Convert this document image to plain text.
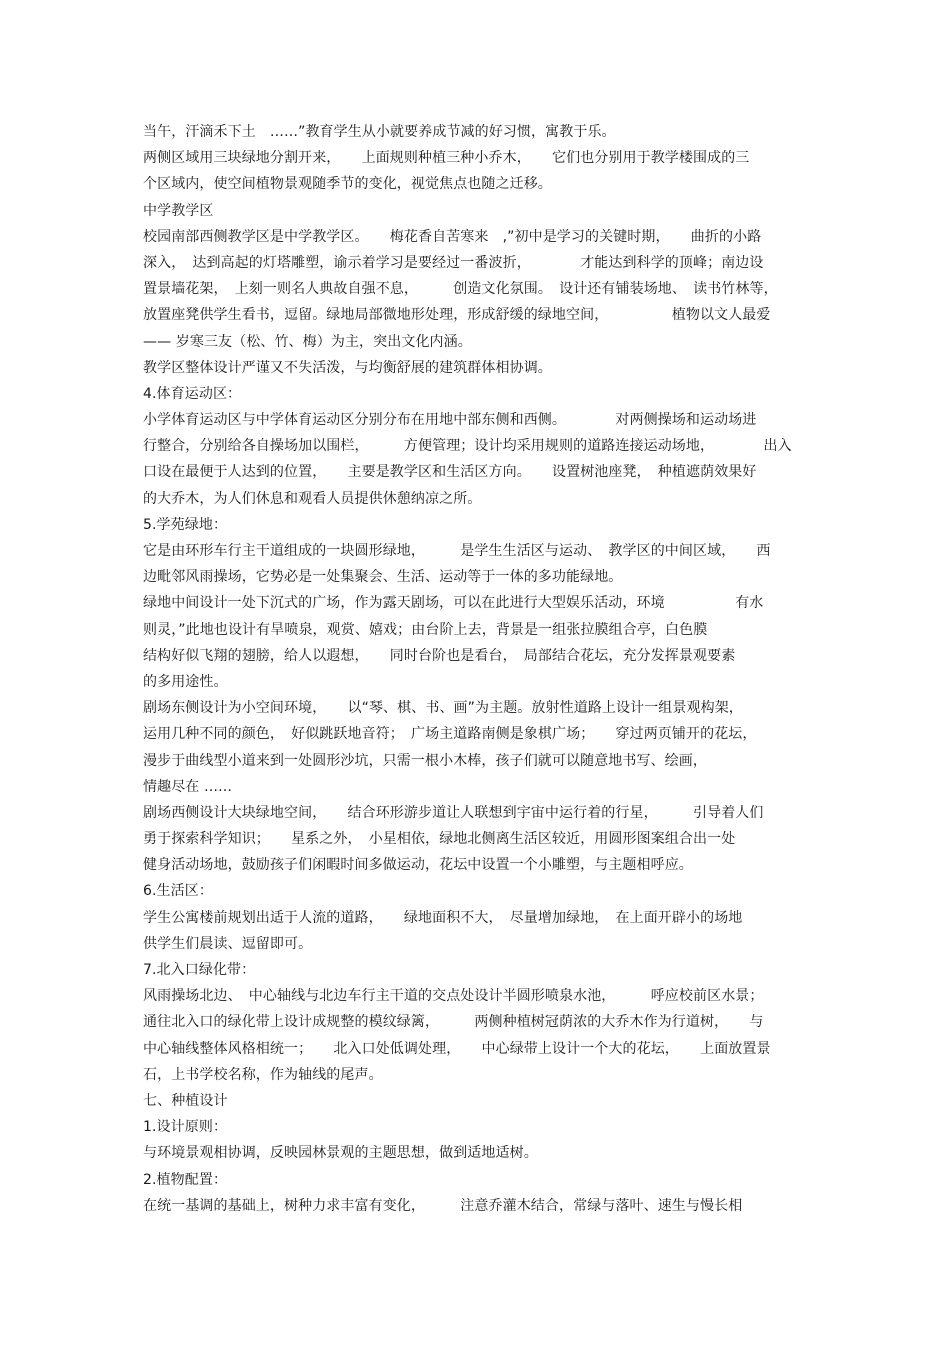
当午，汗滴禾下土　……”教育学生从小就要养成节减的好习惯，寓教于乐。
两侧区域用三块绿地分割开来，　　上面规则种植三种小乔木，　　它们也分别用于教学楼围成的三
个区域内，使空间植物景观随季节的变化，视觉焦点也随之迁移。
中学教学区
校园南部西侧教学区是中学教学区。　　梅花香自苦寒来　,”初中是学习的关键时期，　　曲折的小路
深入，　达到高起的灯塔雕塑，谕示着学习是要经过一番波折，　　　　才能达到科学的顶峰；南边设
置景墙花架，　上刻一则名人典故自强不息，　　　创造文化氛围。　设计还有铺装场地、　读书竹林等，
放置座凳供学生看书，逗留。绿地局部微地形处理，形成舒缓的绿地空间，　　　　　植物以文人最爱
—— 岁寒三友（松、竹、梅）为主，突出文化内涵。
教学区整体设计严谨又不失活泼，与均衡舒展的建筑群体相协调。
4.体育运动区：
小学体育运动区与中学体育运动区分别分布在用地中部东侧和西侧。　　　　对两侧操场和运动场进
行整合，分别给各自操场加以围栏，　　　方便管理；设计均采用规则的道路连接运动场地，　　　　出入
口设在最便于人达到的位置，　　主要是教学区和生活区方向。　　设置树池座凳，　种植遮荫效果好
的大乔木，为人们休息和观看人员提供休憩纳凉之所。
5.学苑绿地：
它是由环形车行主干道组成的一块圆形绿地，　　　是学生生活区与运动、　教学区的中间区域，　　西
边毗邻风雨操场，它势必是一处集聚会、生活、运动等于一体的多功能绿地。
绿地中间设计一处下沉式的广场，作为露天剧场，可以在此进行大型娱乐活动，环境　　　　　有水
则灵，”此地也设计有旱喷泉，观赏、嬉戏；由台阶上去，背景是一组张拉膜组合亭，白色膜
结构好似飞翔的翅膀，给人以遐想，　　同时台阶也是看台，　局部结合花坛，充分发挥景观要素
的多用途性。
剧场东侧设计为小空间环境，　　以“琴、棋、书、画”为主题。放射性道路上设计一组景观构架，
运用几种不同的颜色，　好似跳跃地音符；　广场主道路南侧是象棋广场；　　穿过两页铺开的花坛，
漫步于曲线型小道来到一处圆形沙坑，只需一根小木棒，孩子们就可以随意地书写、绘画，
情趣尽在 ……
剧场西侧设计大块绿地空间，　　结合环形游步道让人联想到宇宙中运行着的行星，　　　引导着人们
勇于探索科学知识；　　星系之外，　小星相依，绿地北侧离生活区较近，用圆形图案组合出一处
健身活动场地，鼓励孩子们闲暇时间多做运动，花坛中设置一个小雕塑，与主题相呼应。
6.生活区：
学生公寓楼前规划出适于人流的道路，　　绿地面积不大，　尽量增加绿地，　在上面开辟小的场地
供学生们晨读、逗留即可。
7.北入口绿化带：
风雨操场北边、　中心轴线与北边车行主干道的交点处设计半圆形喷泉水池，　　　呼应校前区水景；
通往北入口的绿化带上设计成规整的模纹绿篱，　　　两侧种植树冠荫浓的大乔木作为行道树，　　与
中心轴线整体风格相统一；　　北入口处低调处理，　　中心绿带上设计一个大的花坛，　　上面放置景
石，上书学校名称，作为轴线的尾声。
七、种植设计
1.设计原则：
与环境景观相协调，反映园林景观的主题思想，做到适地适树。
2.植物配置：
在统一基调的基础上，树种力求丰富有变化，　　　注意乔灌木结合，常绿与落叶、速生与慢长相
